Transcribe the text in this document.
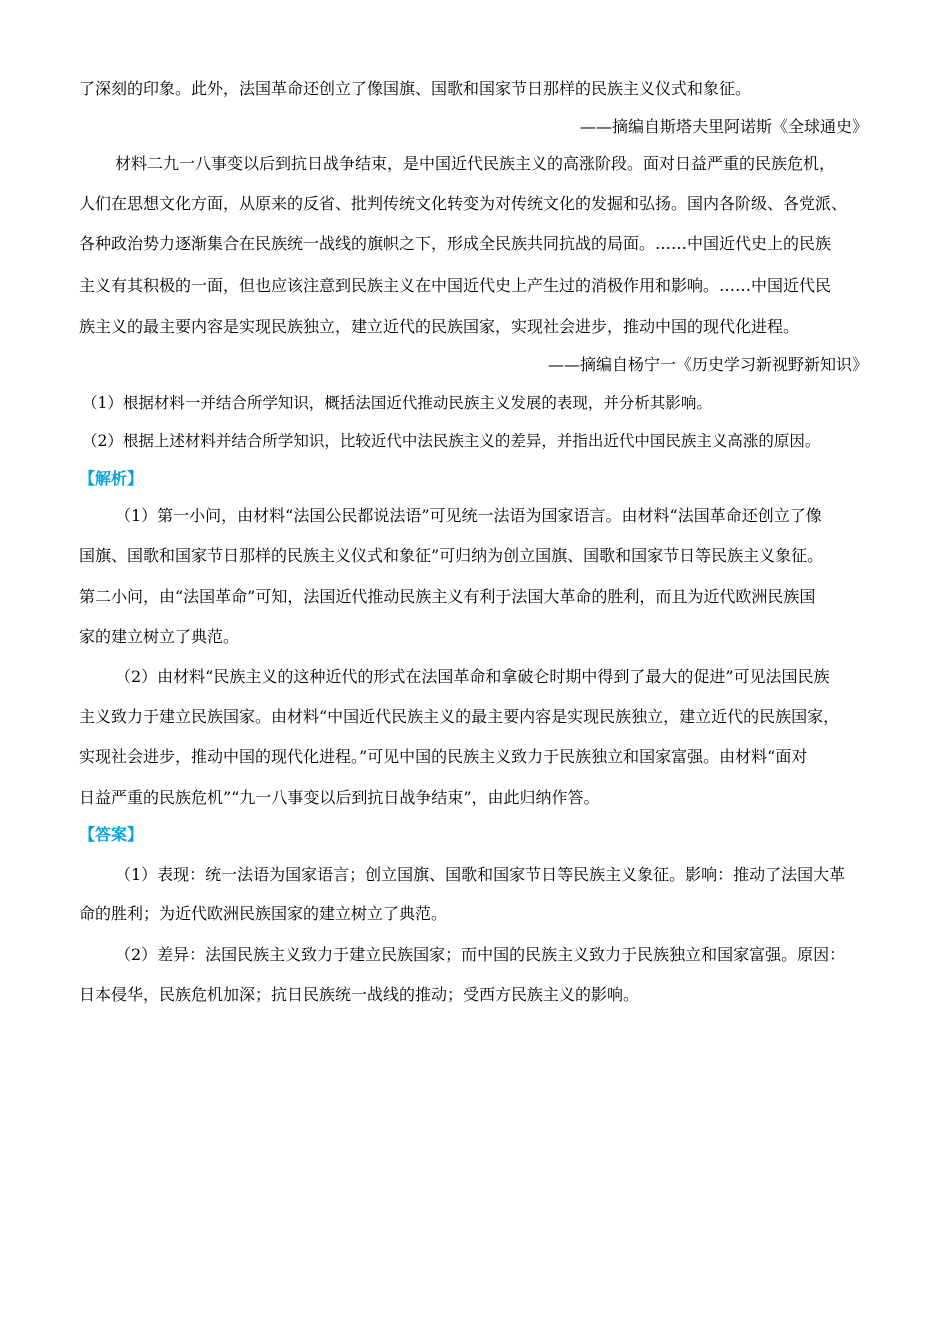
了深刻的印象。此外，法国革命还创立了像国旗、国歌和国家节日那样的民族主义仪式和象征。
——摘编自斯塔夫里阿诺斯《全球通史》
材料二九一八事变以后到抗日战争结束，是中国近代民族主义的高涨阶段。面对日益严重的民族危机，
人们在思想文化方面，从原来的反省、批判传统文化转变为对传统文化的发掘和弘扬。国内各阶级、各党派、
各种政治势力逐渐集合在民族统一战线的旗帜之下，形成全民族共同抗战的局面。……中国近代史上的民族
主义有其积极的一面，但也应该注意到民族主义在中国近代史上产生过的消极作用和影响。……中国近代民
族主义的最主要内容是实现民族独立，建立近代的民族国家，实现社会进步，推动中国的现代化进程。
——摘编自杨宁一《历史学习新视野新知识》
（1）根据材料一并结合所学知识，概括法国近代推动民族主义发展的表现，并分析其影响。
（2）根据上述材料并结合所学知识，比较近代中法民族主义的差异，并指出近代中国民族主义高涨的原因。
【解析】
（1）第一小问，由材料“法国公民都说法语”可见统一法语为国家语言。由材料“法国革命还创立了像
国旗、国歌和国家节日那样的民族主义仪式和象征”可归纳为创立国旗、国歌和国家节日等民族主义象征。
第二小问，由“法国革命”可知，法国近代推动民族主义有利于法国大革命的胜利，而且为近代欧洲民族国
家的建立树立了典范。
（2）由材料“民族主义的这种近代的形式在法国革命和拿破仑时期中得到了最大的促进”可见法国民族
主义致力于建立民族国家。由材料“中国近代民族主义的最主要内容是实现民族独立，建立近代的民族国家，
实现社会进步，推动中国的现代化进程。”可见中国的民族主义致力于民族独立和国家富强。由材料“面对
日益严重的民族危机”“九一八事变以后到抗日战争结束”，由此归纳作答。
【答案】
（1）表现：统一法语为国家语言；创立国旗、国歌和国家节日等民族主义象征。影响：推动了法国大革
命的胜利；为近代欧洲民族国家的建立树立了典范。
（2）差异：法国民族主义致力于建立民族国家；而中国的民族主义致力于民族独立和国家富强。原因：
日本侵华，民族危机加深；抗日民族统一战线的推动；受西方民族主义的影响。
